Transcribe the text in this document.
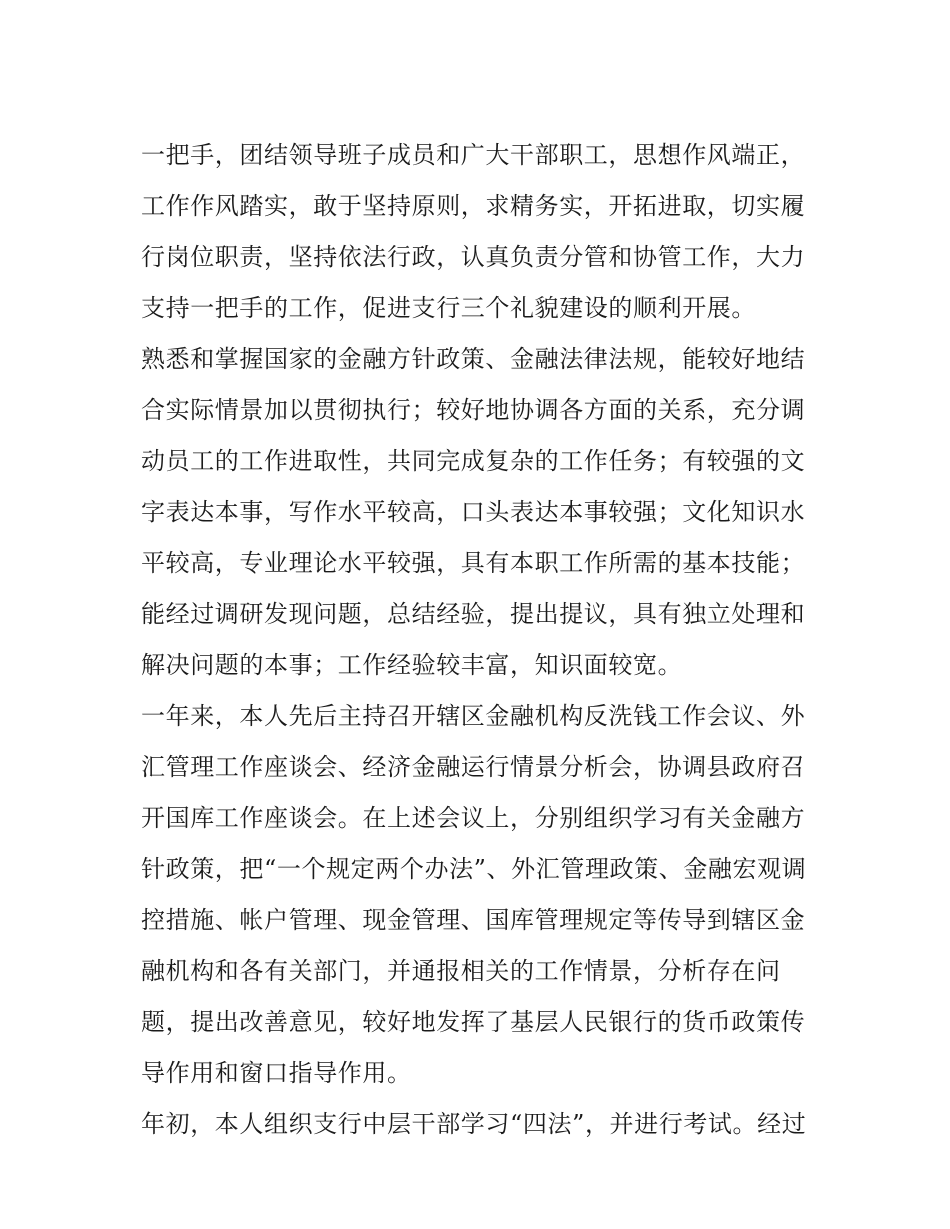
一把手，团结领导班子成员和广大干部职工，思想作风端正，
工作作风踏实，敢于坚持原则，求精务实，开拓进取，切实履
行岗位职责，坚持依法行政，认真负责分管和协管工作，大力
支持一把手的工作，促进支行三个礼貌建设的顺利开展。
熟悉和掌握国家的金融方针政策、金融法律法规，能较好地结
合实际情景加以贯彻执行；较好地协调各方面的关系，充分调
动员工的工作进取性，共同完成复杂的工作任务；有较强的文
字表达本事，写作水平较高，口头表达本事较强；文化知识水
平较高，专业理论水平较强，具有本职工作所需的基本技能；
能经过调研发现问题，总结经验，提出提议，具有独立处理和
解决问题的本事；工作经验较丰富，知识面较宽。
一年来，本人先后主持召开辖区金融机构反洗钱工作会议、外
汇管理工作座谈会、经济金融运行情景分析会，协调县政府召
开国库工作座谈会。在上述会议上，分别组织学习有关金融方
针政策，把“一个规定两个办法”、外汇管理政策、金融宏观调
控措施、帐户管理、现金管理、国库管理规定等传导到辖区金
融机构和各有关部门，并通报相关的工作情景，分析存在问
题，提出改善意见，较好地发挥了基层人民银行的货币政策传
导作用和窗口指导作用。
年初，本人组织支行中层干部学习“四法”，并进行考试。经过
